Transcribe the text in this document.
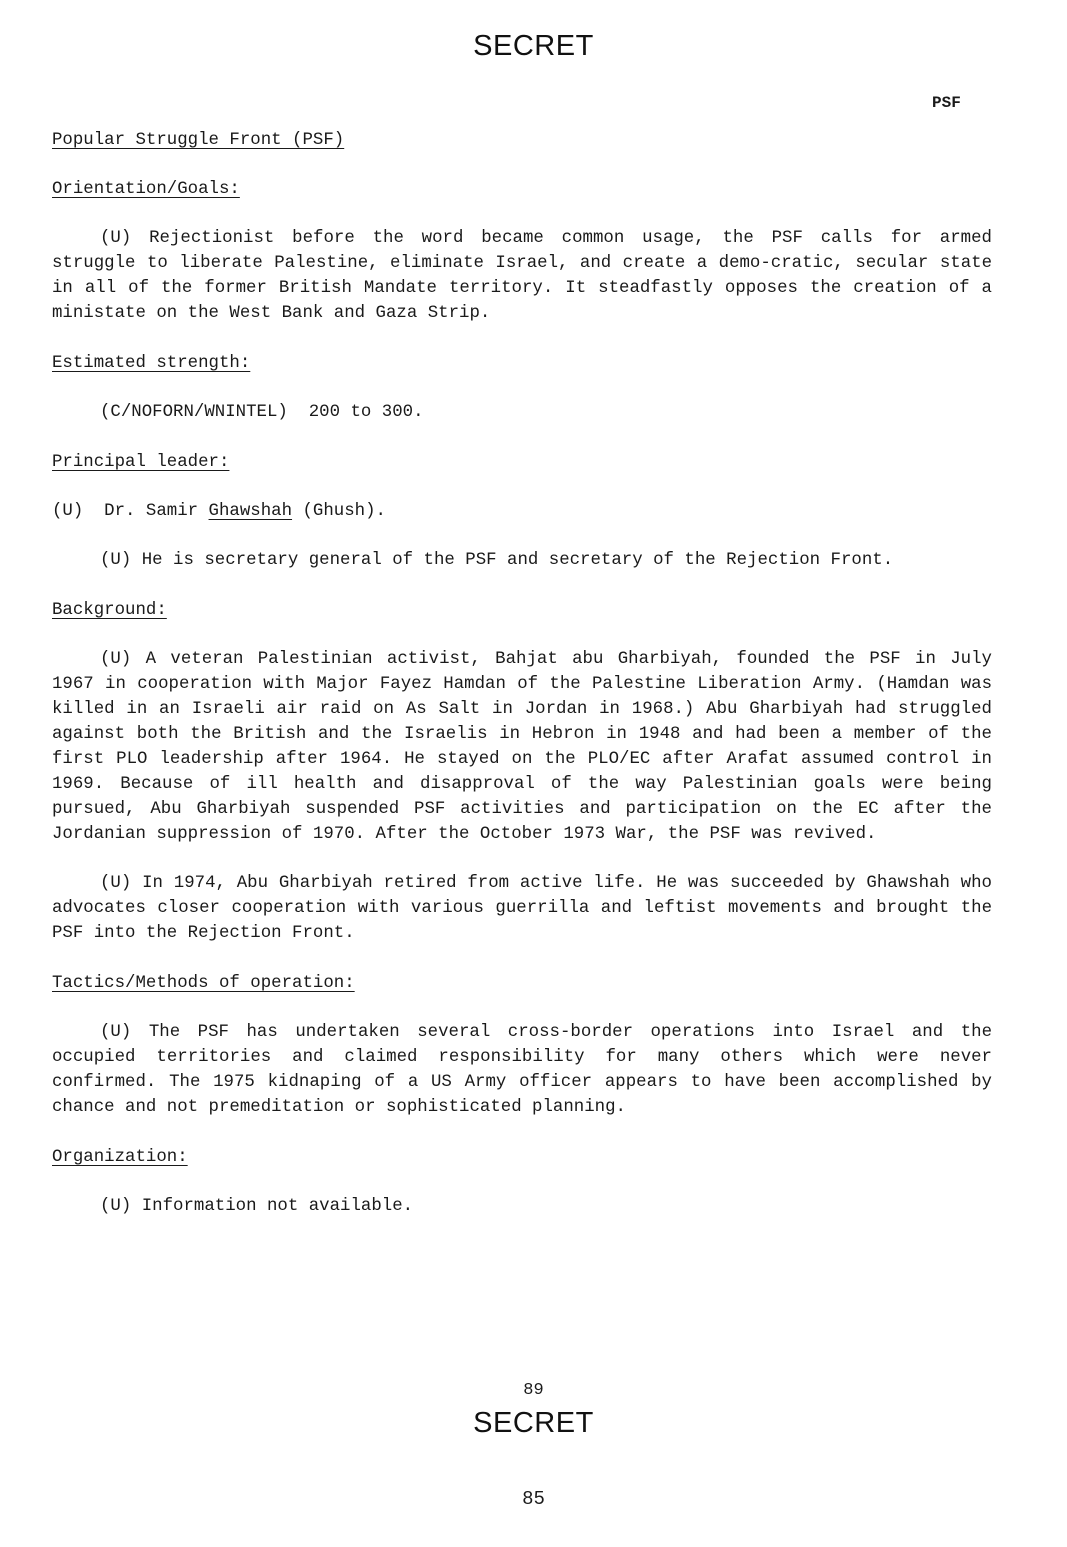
SECRET
PSF
Popular Struggle Front (PSF)
Orientation/Goals:

(U) Rejectionist before the word became common usage, the PSF calls for armed struggle to liberate Palestine, eliminate Israel, and create a demo-cratic, secular state in all of the former British Mandate territory. It steadfastly opposes the creation of a ministate on the West Bank and Gaza Strip.

Estimated strength:

(C/NOFORN/WNINTEL)  200 to 300.

Principal leader:

(U)  Dr. Samir Ghawshah (Ghush).

(U) He is secretary general of the PSF and secretary of the Rejection Front.

Background:

(U) A veteran Palestinian activist, Bahjat abu Gharbiyah, founded the PSF in July 1967 in cooperation with Major Fayez Hamdan of the Palestine Liberation Army. (Hamdan was killed in an Israeli air raid on As Salt in Jordan in 1968.) Abu Gharbiyah had struggled against both the British and the Israelis in Hebron in 1948 and had been a member of the first PLO leadership after 1964. He stayed on the PLO/EC after Arafat assumed control in 1969. Because of ill health and disapproval of the way Palestinian goals were being pursued, Abu Gharbiyah suspended PSF activities and participation on the EC after the Jordanian suppression of 1970. After the October 1973 War, the PSF was revived.

(U) In 1974, Abu Gharbiyah retired from active life. He was succeeded by Ghawshah who advocates closer cooperation with various guerrilla and leftist movements and brought the PSF into the Rejection Front.

Tactics/Methods of operation:

(U) The PSF has undertaken several cross-border operations into Israel and the occupied territories and claimed responsibility for many others which were never confirmed. The 1975 kidnaping of a US Army officer appears to have been accomplished by chance and not premeditation or sophisticated planning.

Organization:

(U) Information not available.

89
SECRET
85
